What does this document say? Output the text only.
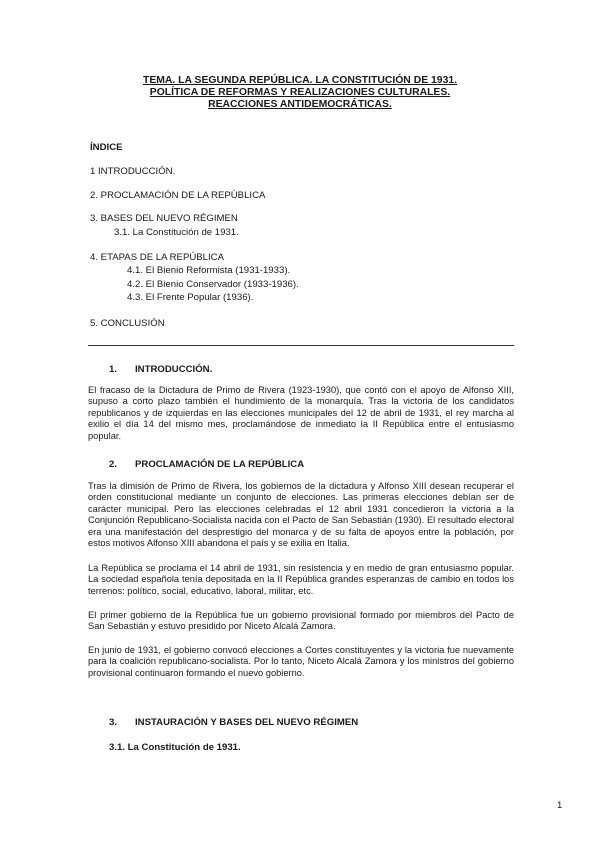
TEMA. LA SEGUNDA REPÚBLICA. LA CONSTITUCIÓN DE 1931.
POLÍTICA DE REFORMAS Y REALIZACIONES CULTURALES.
REACCIONES ANTIDEMOCRÁTICAS.
ÍNDICE
1 INTRODUCCIÓN.
2. PROCLAMACIÓN DE LA REPÚBLICA
3. BASES DEL NUEVO RÉGIMEN
3.1. La Constitución de 1931.
4. ETAPAS DE LA REPÚBLICA
4.1. El Bienio Reformista (1931-1933).
4.2. El Bienio Conservador (1933-1936).
4.3. El Frente Popular (1936).
5. CONCLUSIÓN
1. INTRODUCCIÓN.
El fracaso de la Dictadura de Primo de Rivera (1923-1930), que contó con el apoyo de Alfonso XIII, supuso a corto plazo también el hundimiento de la monarquía. Tras la victoria de los candidatos republicanos y de izquierdas en las elecciones municipales del 12 de abril de 1931, el rey marcha al exilio el día 14 del mismo mes, proclamándose de inmediato la II República entre el entusiasmo popular.
2. PROCLAMACIÓN DE LA REPÚBLICA
Tras la dimisión de Primo de Rivera, los gobiernos de la dictadura y Alfonso XIII desean recuperar el orden constitucional mediante un conjunto de elecciones. Las primeras elecciones debían ser de carácter municipal. Pero las elecciones celebradas el 12 abril 1931 concedieron la victoria a la Conjunción Republicano-Socialista nacida con el Pacto de San Sebastián (1930). El resultado electoral era una manifestación del desprestigio del monarca y de su falta de apoyos entre la población, por estos motivos Alfonso XIII abandona el país y se exilia en Italia.
La República se proclama el 14 abril de 1931, sin resistencia y en medio de gran entusiasmo popular. La sociedad española tenía depositada en la II República grandes esperanzas de cambio en todos los terrenos: político, social, educativo, laboral, militar, etc.
El primer gobierno de la República fue un gobierno provisional formado por miembros del Pacto de San Sebastián y estuvo presidido por Niceto Alcalá Zamora.
En junio de 1931, el gobierno convocó elecciones a Cortes constituyentes y la victoria fue nuevamente para la coalición republicano-socialista. Por lo tanto, Niceto Alcalá Zamora y los ministros del gobierno provisional continuaron formando el nuevo gobierno.
3. INSTAURACIÓN Y BASES DEL NUEVO RÉGIMEN
3.1. La Constitución de 1931.
1
